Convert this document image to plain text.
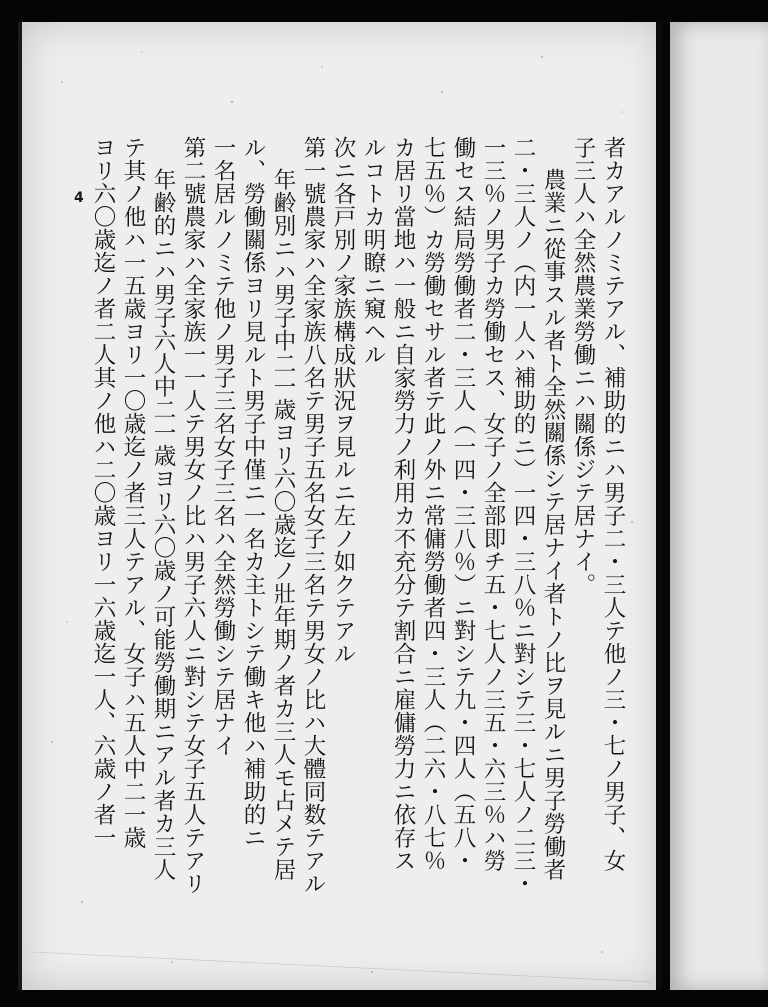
4	者カアルノミテアル、補助的ニハ男子二・三人テ他ノ三・七ノ男子、女
子三人ハ全然農業勞働ニハ關係ジテ居ナイ。
農業ニ從事スル者ト全然關係シテ居ナイ者トノ比ヲ見ルニ男子勞働者
二・三人ノ（内一人ハ補助的ニ）一四・三八％ニ對シテ三・七人ノ二三・
一三％ノ男子カ勞働セス、女子ノ全部即チ五・七人ノ三五・六三％ハ勞
働セス結局勞働者二・三人（一四・三八％）ニ對シテ九・四人（五八・
七五％）カ勞働セサル者テ此ノ外ニ常傭勞働者四・三人（二六・八七％
カ居リ當地ハ一般ニ自家勞力ノ利用カ不充分テ割合ニ雇傭勞力ニ依存ス
ルコトカ明瞭ニ窺ヘル
次ニ各戸別ノ家族構成狀況ヲ見ルニ左ノ如クテアル
第一號農家ハ全家族八名テ男子五名女子三名テ男女ノ比ハ大體同数テアル
年齢別ニハ男子中二一歳ヨリ六〇歳迄ノ壯年期ノ者カ三人モ占メテ居
ル、勞働關係ヨリ見ルト男子中僅ニ一名カ主トシテ働キ他ハ補助的ニ
一名居ルノミテ他ノ男子三名女子三名ハ全然勞働シテ居ナイ
第二號農家ハ全家族一一人テ男女ノ比ハ男子六人ニ對シテ女子五人テアリ
年齢的ニハ男子六人中二一歳ヨリ六〇歳ノ可能勞働期ニアル者カ三人
テ其ノ他ハ一五歳ヨリ一〇歳迄ノ者三人テアル、女子ハ五人中二一歳
ヨリ六〇歳迄ノ者二人其ノ他ハ二〇歳ヨリ一六歳迄一人、六歳ノ者一
